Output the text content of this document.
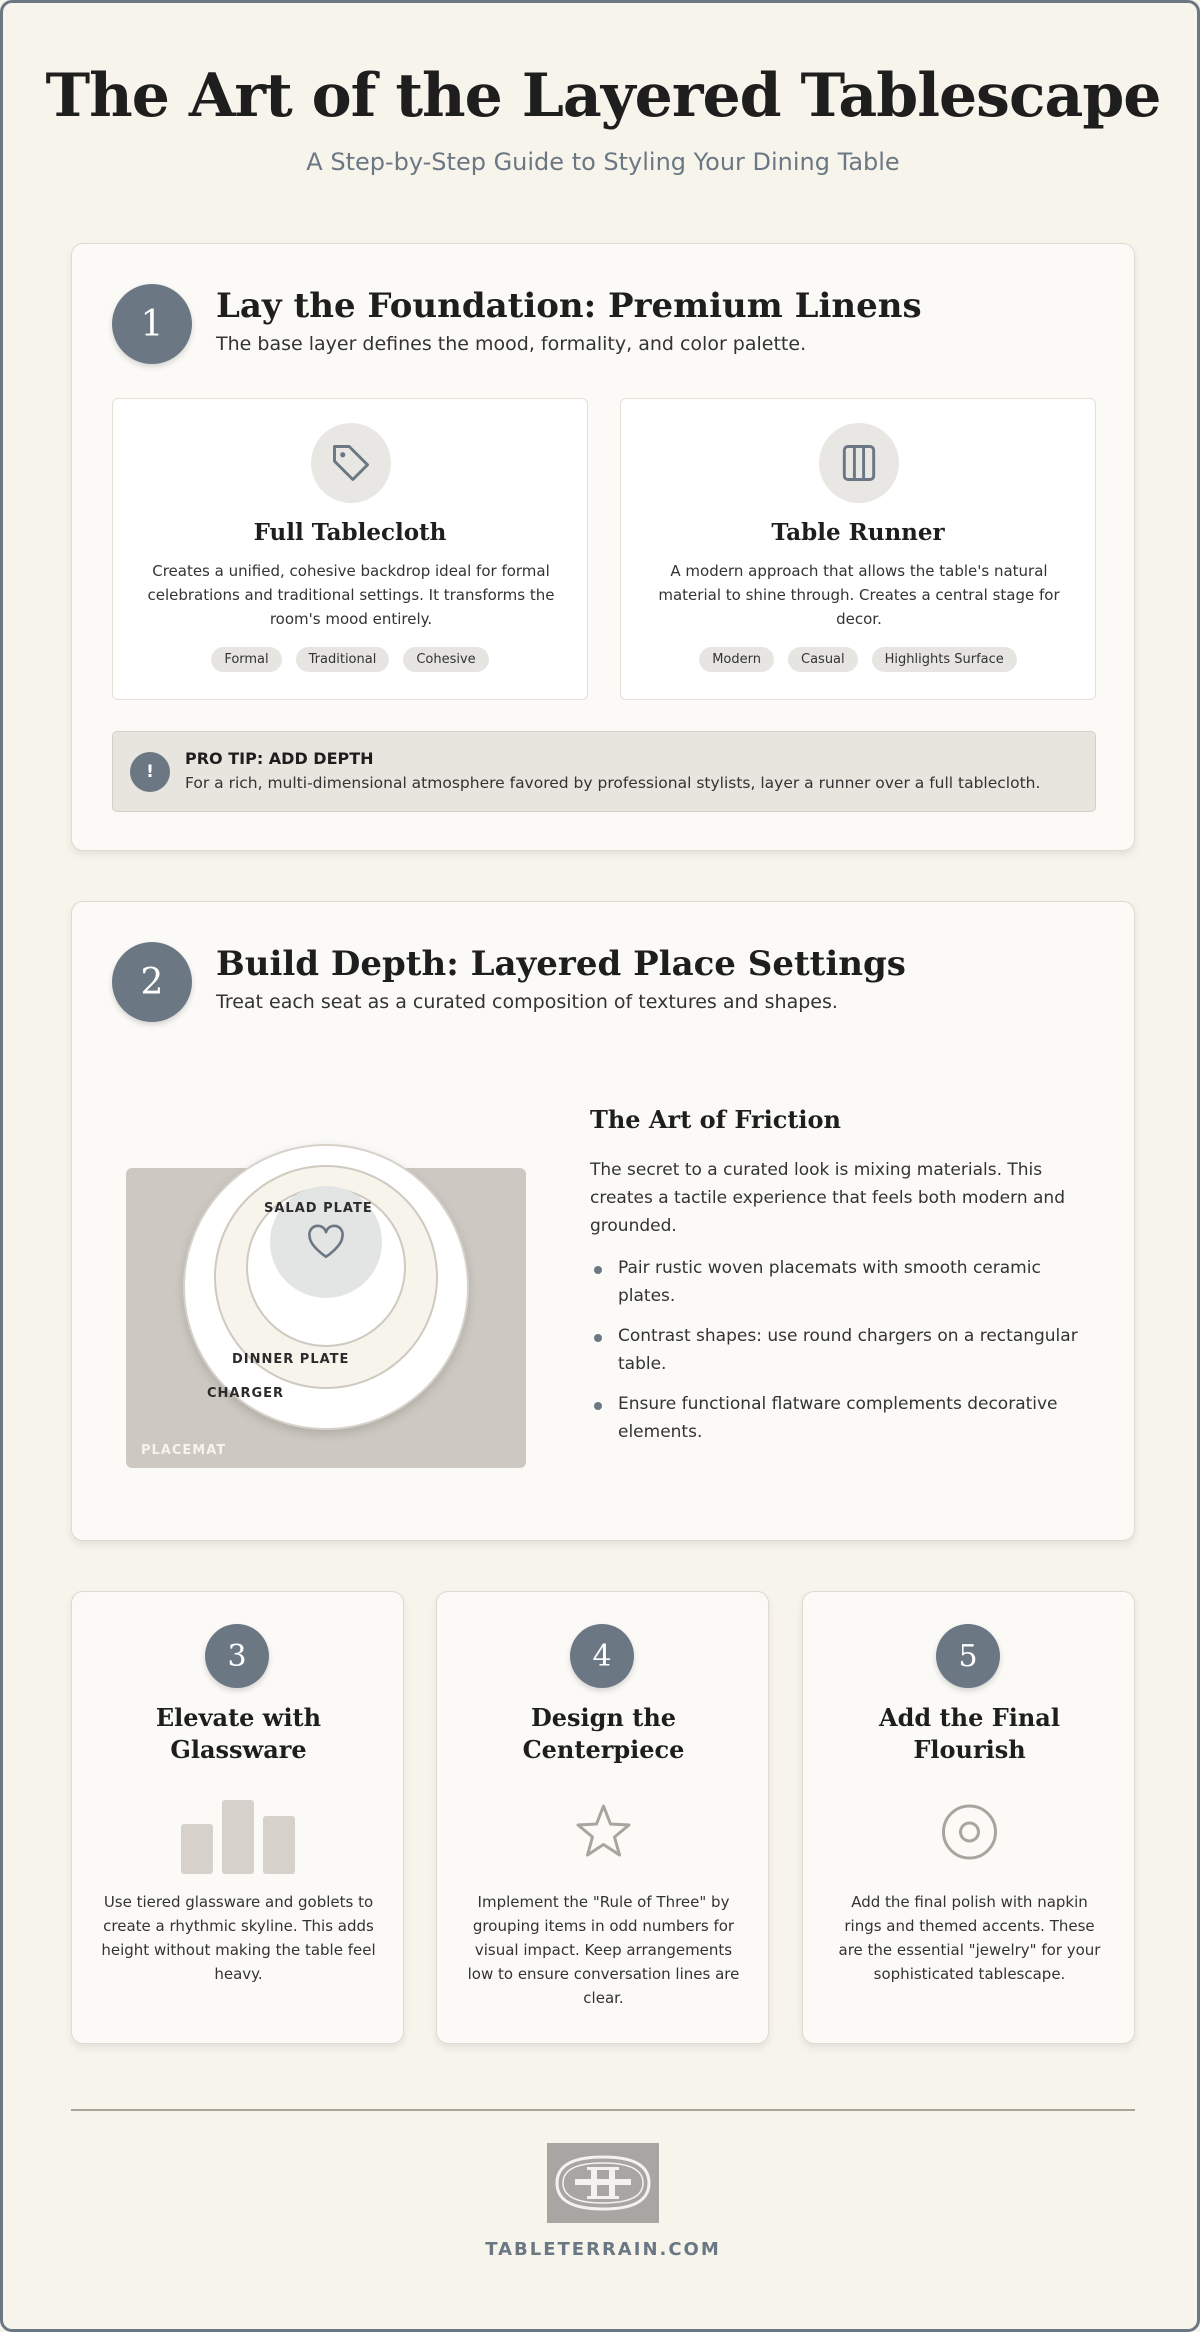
The Art of the Layered Tablescape
A Step-by-Step Guide to Styling Your Dining Table
1	Lay the Foundation: Premium Linens
The base layer defines the mood, formality, and color palette.
Full Tablecloth

Creates a unified, cohesive backdrop ideal for formal celebrations and traditional settings. It transforms the room's mood entirely.

Formal	Traditional	Cohesive
Table Runner

A modern approach that allows the table's natural material to shine through. Creates a central stage for decor.

Modern	Casual	Highlights Surface
!
PRO TIP: ADD DEPTH
For a rich, multi-dimensional atmosphere favored by professional stylists, layer a runner over a full tablecloth.
2	Build Depth: Layered Place Settings
Treat each seat as a curated composition of textures and shapes.
PLACEMAT
SALAD PLATE
DINNER PLATE
CHARGER
The Art of Friction

The secret to a curated look is mixing materials. This creates a tactile experience that feels both modern and grounded.

Pair rustic woven placemats with smooth ceramic plates.
Contrast shapes: use round chargers on a rectangular table.
Ensure functional flatware complements decorative elements.
3
Elevate with Glassware

Use tiered glassware and goblets to create a rhythmic skyline. This adds height without making the table feel heavy.

4
Design the Centerpiece

Implement the "Rule of Three" by grouping items in odd numbers for visual impact. Keep arrangements low to ensure conversation lines are clear.

5
Add the Final Flourish

Add the final polish with napkin rings and themed accents. These are the essential "jewelry" for your sophisticated tablescape.

TABLETERRAIN.COM
